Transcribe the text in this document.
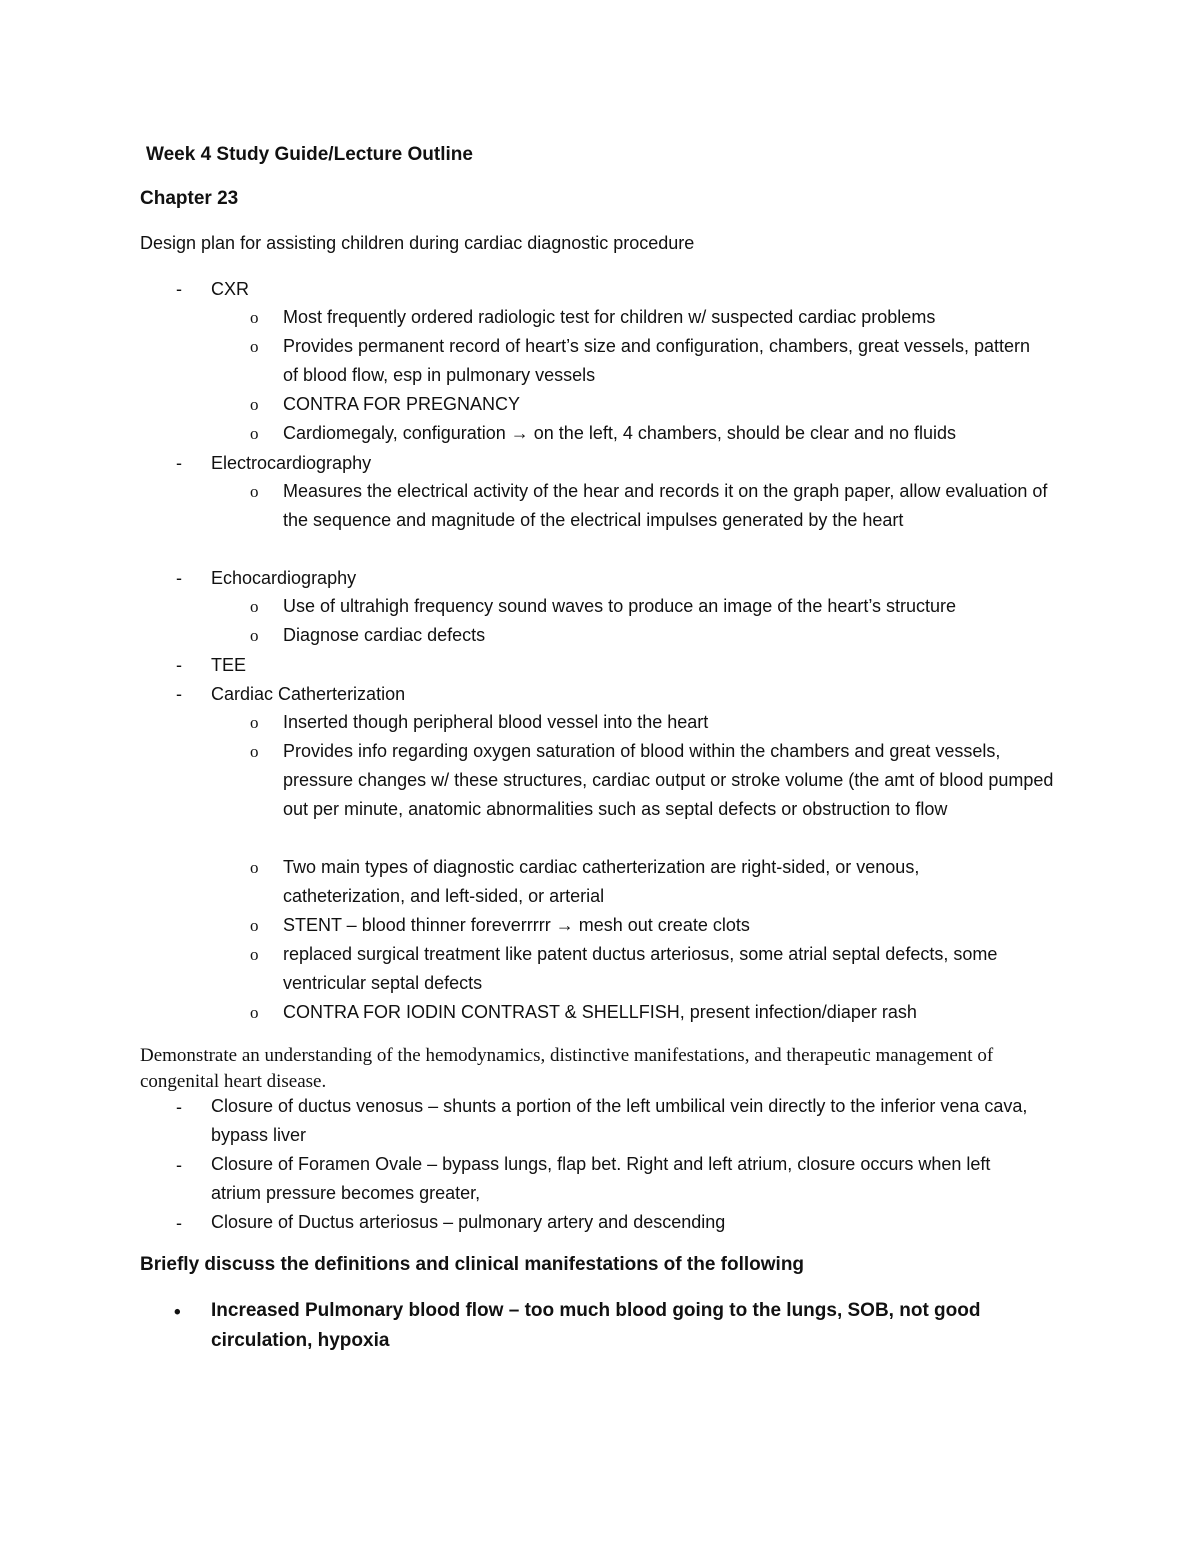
Week 4 Study Guide/Lecture Outline
Chapter 23
Design plan for assisting children during cardiac diagnostic procedure
-	CXR
o	Most frequently ordered radiologic test for children w/ suspected cardiac problems
o	Provides permanent record of heart’s size and configuration, chambers, great vessels, pattern of blood flow, esp in pulmonary vessels
o	CONTRA FOR PREGNANCY
o	Cardiomegaly, configuration → on the left, 4 chambers, should be clear and no fluids
-	Electrocardiography
o	Measures the electrical activity of the hear and records it on the graph paper, allow evaluation of the sequence and magnitude of the electrical impulses generated by the heart
-	Echocardiography
o	Use of ultrahigh frequency sound waves to produce an image of the heart’s structure
o	Diagnose cardiac defects
-	TEE
-	Cardiac Catherterization
o	Inserted though peripheral blood vessel into the heart
o	Provides info regarding oxygen saturation of blood within the chambers and great vessels, pressure changes w/ these structures, cardiac output or stroke volume (the amt of blood pumped out per minute, anatomic abnormalities such as septal defects or obstruction to flow
o	Two main types of diagnostic cardiac catherterization are right-sided, or venous, catheterization, and left-sided, or arterial
o	STENT – blood thinner foreverrrrr → mesh out create clots
o	replaced surgical treatment like patent ductus arteriosus, some atrial septal defects, some ventricular septal defects
o	CONTRA FOR IODIN CONTRAST & SHELLFISH, present infection/diaper rash
Demonstrate an understanding of the hemodynamics, distinctive manifestations, and therapeutic management of congenital heart disease.
-	Closure of ductus venosus – shunts a portion of the left umbilical vein directly to the inferior vena cava, bypass liver
-	Closure of Foramen Ovale – bypass lungs, flap bet. Right and left atrium, closure occurs when left atrium pressure becomes greater,
-	Closure of Ductus arteriosus – pulmonary artery and descending
Briefly discuss the definitions and clinical manifestations of the following
• Increased Pulmonary blood flow – too much blood going to the lungs, SOB, not good circulation, hypoxia
